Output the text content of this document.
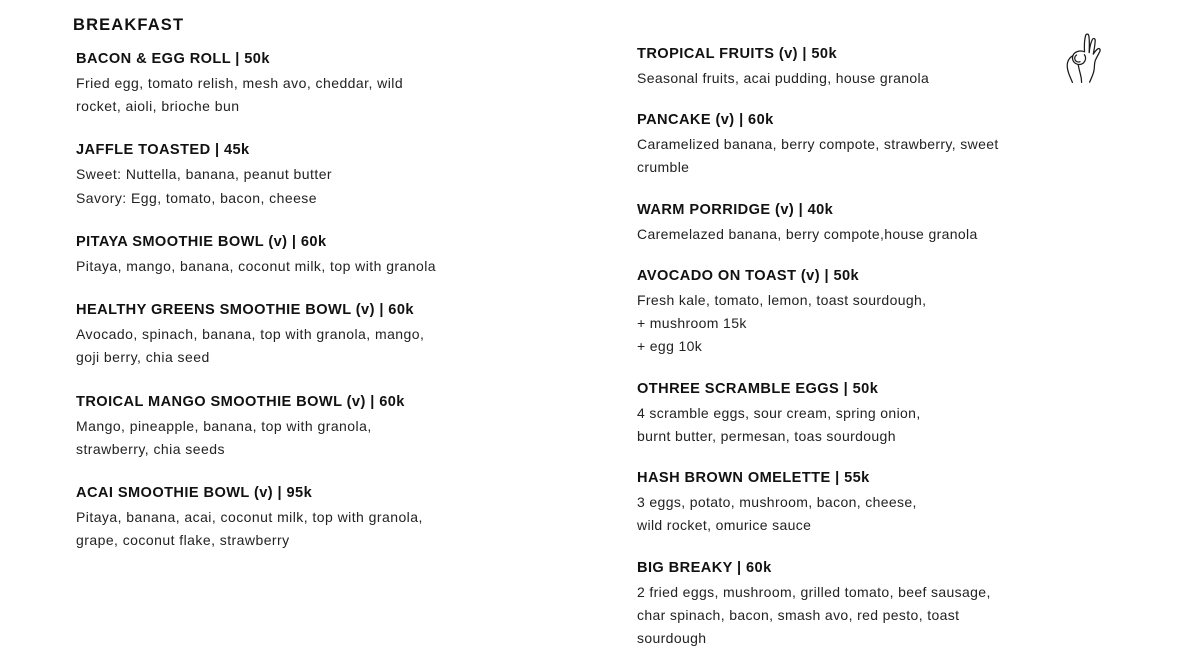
BREAKFAST
BACON & EGG ROLL | 50k
Fried egg, tomato relish, mesh avo, cheddar, wild
rocket, aioli, brioche bun
JAFFLE TOASTED | 45k
Sweet: Nuttella, banana, peanut butter
Savory: Egg, tomato, bacon, cheese
PITAYA SMOOTHIE BOWL (v) | 60k
Pitaya, mango, banana, coconut milk, top with granola
HEALTHY GREENS SMOOTHIE BOWL (v) | 60k
Avocado, spinach, banana, top with granola, mango,
goji berry, chia seed
TROICAL MANGO SMOOTHIE BOWL (v) | 60k
Mango, pineapple, banana, top with granola,
strawberry, chia seeds
ACAI SMOOTHIE BOWL (v) | 95k
Pitaya, banana, acai, coconut milk, top with granola,
grape, coconut flake, strawberry
TROPICAL FRUITS (v) | 50k
Seasonal fruits, acai pudding, house granola
PANCAKE (v) | 60k
Caramelized banana, berry compote, strawberry, sweet
crumble
WARM PORRIDGE (v) | 40k
Caremelazed banana, berry compote,house granola
AVOCADO ON TOAST (v) | 50k
Fresh kale, tomato, lemon, toast sourdough,
+ mushroom 15k
+ egg 10k
OTHREE SCRAMBLE EGGS | 50k
4 scramble eggs, sour cream, spring onion,
burnt butter, permesan, toas sourdough
HASH BROWN OMELETTE | 55k
3 eggs, potato, mushroom, bacon, cheese,
wild rocket, omurice sauce
BIG BREAKY | 60k
2 fried eggs, mushroom, grilled tomato, beef sausage,
char spinach, bacon, smash avo, red pesto, toast
sourdough
